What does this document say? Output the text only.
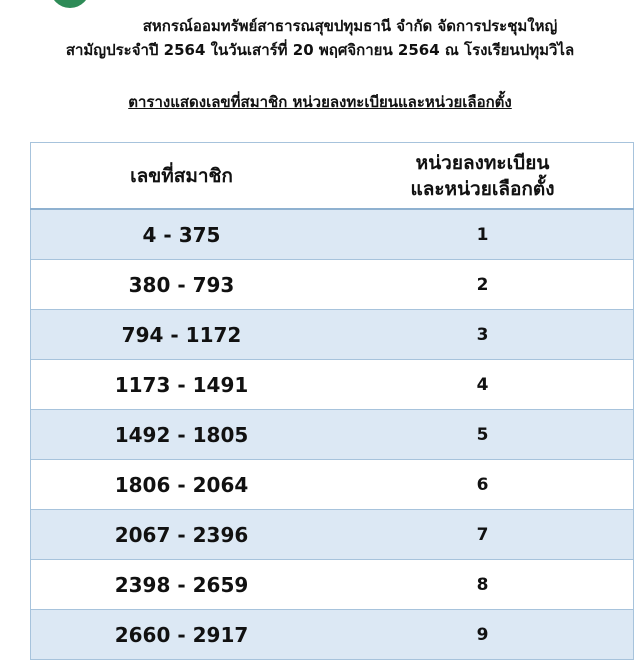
สหกรณ์ออมทรัพย์สาธารณสุขปทุมธานี จำกัด จัดการประชุมใหญ่
สามัญประจำปี 2564 ในวันเสาร์ที่ 20 พฤศจิกายน 2564 ณ โรงเรียนปทุมวิไล
ตารางแสดงเลขที่สมาชิก หน่วยลงทะเบียนและหน่วยเลือกตั้ง
เลขที่สมาชิก	หน่วยลงทะเบียน
และหน่วยเลือกตั้ง

4 - 375	1
380 - 793	2
794 - 1172	3
1173 - 1491	4
1492 - 1805	5
1806 - 2064	6
2067 - 2396	7
2398 - 2659	8
2660 - 2917	9
